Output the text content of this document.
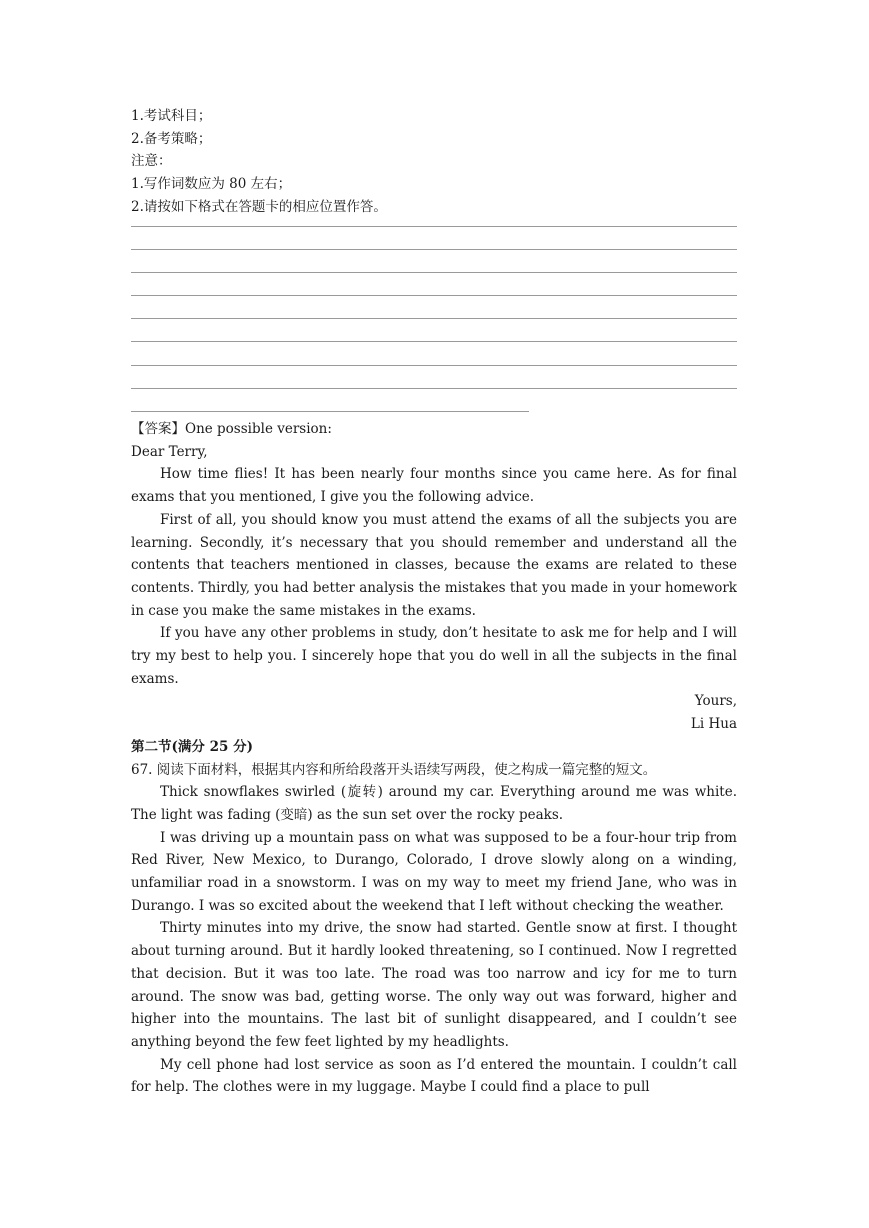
1.考试科目；
2.备考策略；
注意：
1.写作词数应为 80 左右；
2.请按如下格式在答题卡的相应位置作答。
【答案】One possible version:
Dear Terry,

How time flies! It has been nearly four months since you came here. As for final exams that you mentioned, I give you the following advice.

First of all, you should know you must attend the exams of all the subjects you are learning. Secondly, it’s necessary that you should remember and understand all the contents that teachers mentioned in classes, because the exams are related to these contents. Thirdly, you had better analysis the mistakes that you made in your homework in case you make the same mistakes in the exams.

If you have any other problems in study, don’t hesitate to ask me for help and I will try my best to help you. I sincerely hope that you do well in all the subjects in the final exams.

Yours,
Li Hua
第二节(满分 25 分)
67. 阅读下面材料，根据其内容和所给段落开头语续写两段，使之构成一篇完整的短文。

Thick snowflakes swirled (旋转) around my car. Everything around me was white. The light was fading (变暗) as the sun set over the rocky peaks.

I was driving up a mountain pass on what was supposed to be a four-hour trip from Red River, New Mexico, to Durango, Colorado, I drove slowly along on a winding, unfamiliar road in a snowstorm. I was on my way to meet my friend Jane, who was in Durango. I was so excited about the weekend that I left without checking the weather.

Thirty minutes into my drive, the snow had started. Gentle snow at first. I thought about turning around. But it hardly looked threatening, so I continued. Now I regretted that decision. But it was too late. The road was too narrow and icy for me to turn around. The snow was bad, getting worse. The only way out was forward, higher and higher into the mountains. The last bit of sunlight disappeared, and I couldn’t see anything beyond the few feet lighted by my headlights.

My cell phone had lost service as soon as I’d entered the mountain. I couldn’t call for help. The clothes were in my luggage. Maybe I could find a place to pull
